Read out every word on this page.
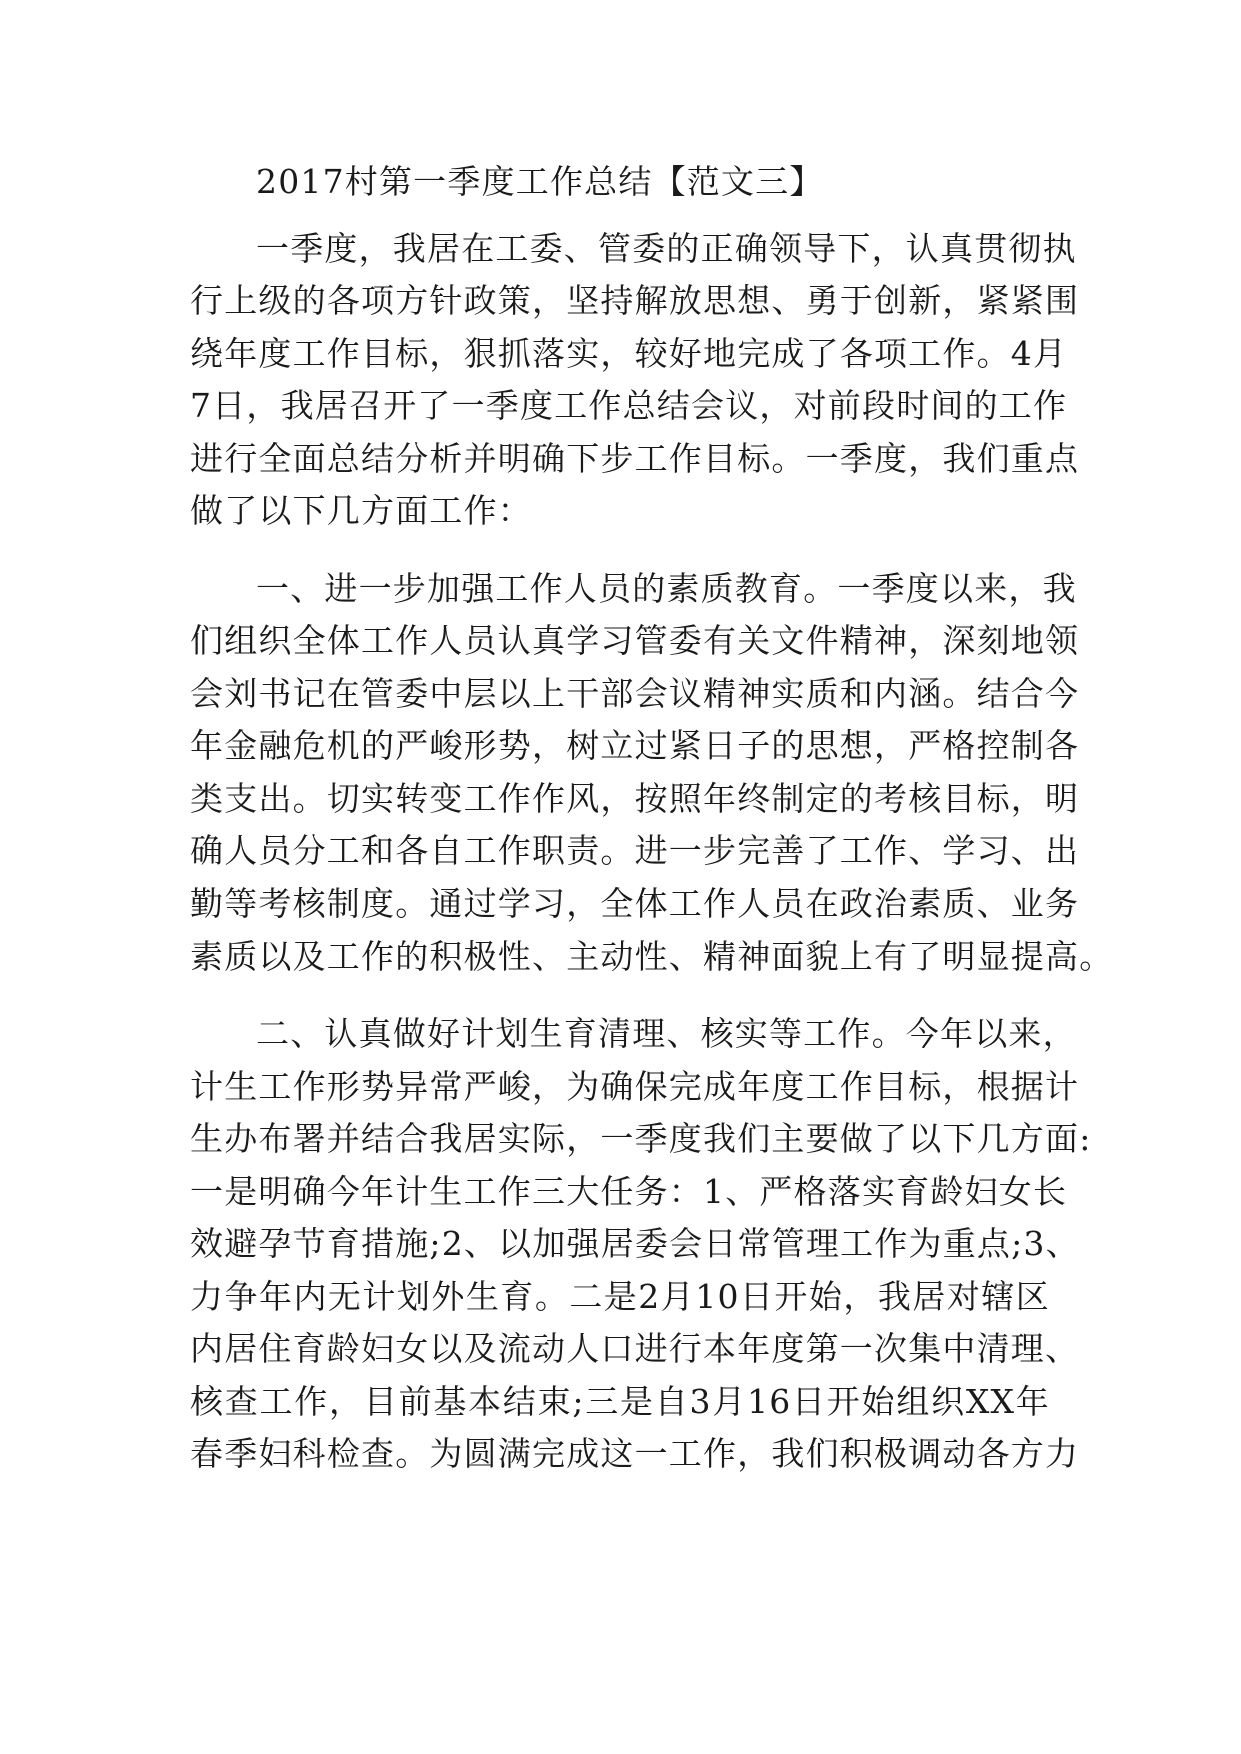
2017村第一季度工作总结【范文三】
一季度，我居在工委、管委的正确领导下，认真贯彻执
行上级的各项方针政策，坚持解放思想、勇于创新，紧紧围
绕年度工作目标，狠抓落实，较好地完成了各项工作。4月
7日，我居召开了一季度工作总结会议，对前段时间的工作
进行全面总结分析并明确下步工作目标。一季度，我们重点
做了以下几方面工作：
一、进一步加强工作人员的素质教育。一季度以来，我
们组织全体工作人员认真学习管委有关文件精神，深刻地领
会刘书记在管委中层以上干部会议精神实质和内涵。结合今
年金融危机的严峻形势，树立过紧日子的思想，严格控制各
类支出。切实转变工作作风，按照年终制定的考核目标，明
确人员分工和各自工作职责。进一步完善了工作、学习、出
勤等考核制度。通过学习，全体工作人员在政治素质、业务
素质以及工作的积极性、主动性、精神面貌上有了明显提高。
二、认真做好计划生育清理、核实等工作。今年以来，
计生工作形势异常严峻，为确保完成年度工作目标，根据计
生办布署并结合我居实际，一季度我们主要做了以下几方面:
一是明确今年计生工作三大任务：1、严格落实育龄妇女长
效避孕节育措施;2、以加强居委会日常管理工作为重点;3、
力争年内无计划外生育。二是2月10日开始，我居对辖区
内居住育龄妇女以及流动人口进行本年度第一次集中清理、
核查工作，目前基本结束;三是自3月16日开始组织XX年
春季妇科检查。为圆满完成这一工作，我们积极调动各方力
